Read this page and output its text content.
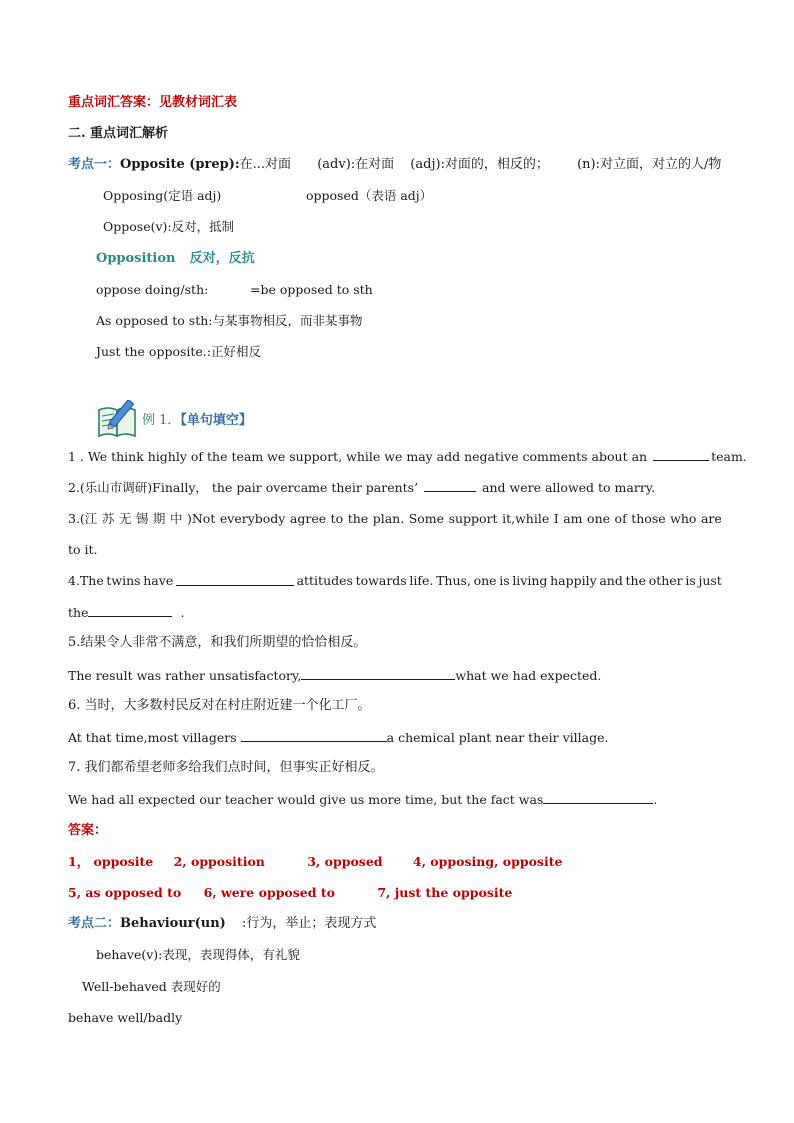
重点词汇答案：见教材词汇表
二. 重点词汇解析
考点一：Opposite (prep):在...对面 (adv):在对面 (adj):对面的，相反的； (n):对立面，对立的人/物
Opposing(定语 adj)	opposed（表语 adj）
Oppose(v):反对，抵制
Opposition 反对，反抗
oppose doing/sth:	=be opposed to sth
As opposed to sth:与某事物相反，而非某事物
Just the opposite.:正好相反
例 1．【单句填空】
1 . We think highly of the team we support, while we may add negative comments about an	team.
2.(乐山市调研)Finally， the pair overcame their parents’	and were allowed to marry.
3.(江 苏 无 锡 期 中 )Not everybody agree to the plan. Some support it,while I am one of those who are
to it.
4.The twins have	attitudes towards life. Thus, one is living happily and the other is just
the	.
5.结果令人非常不满意，和我们所期望的恰恰相反。
The result was rather unsatisfactory,	what we had expected.
6. 当时，大多数村民反对在村庄附近建一个化工厂。
At that time,most villagers	a chemical plant near their village.
7. 我们都希望老师多给我们点时间，但事实正好相反。
We had all expected our teacher would give us more time, but the fact was	.
答案：
1， opposite 2, opposition	3, opposed 4, opposing, opposite
5, as opposed to 6, were opposed to	7, just the opposite
考点二：Behaviour(un) :行为，举止；表现方式
behave(v):表现，表现得体，有礼貌
Well-behaved 表现好的
behave well/badly
